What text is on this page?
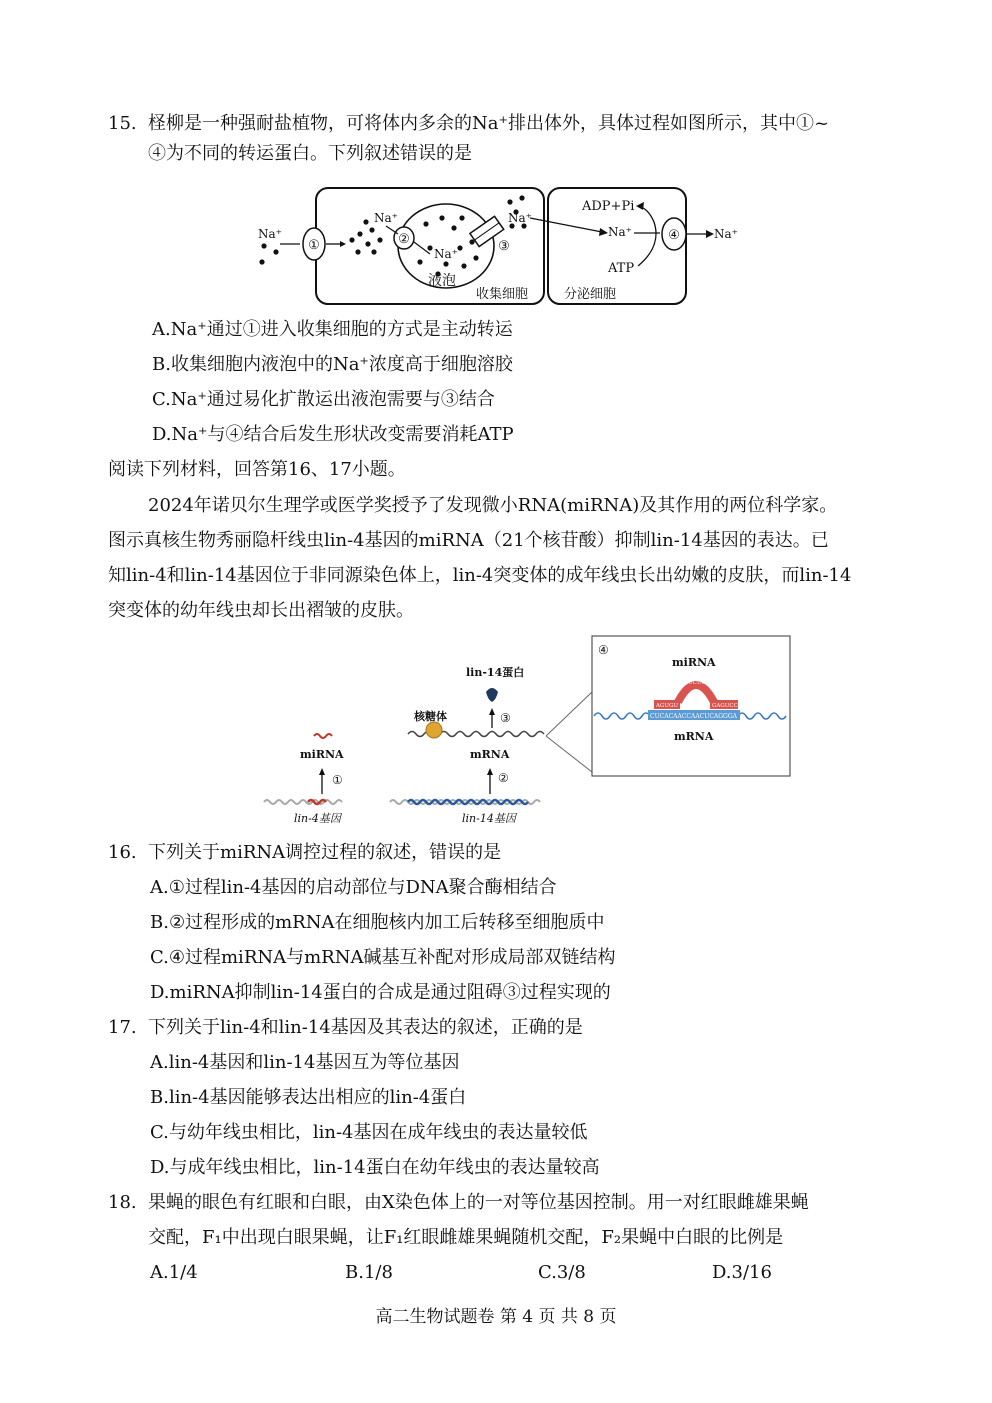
15. 柽柳是一种强耐盐植物，可将体内多余的Na⁺排出体外，具体过程如图所示，其中①~
④为不同的转运蛋白。下列叙述错误的是
①	②	③
④
Na⁺
Na⁺
Na⁺
液泡
Na⁺
Na⁺
ADP+Pi
ATP
Na⁺
收集细胞	分泌细胞
A.Na⁺通过①进入收集细胞的方式是主动转运
B.收集细胞内液泡中的Na⁺浓度高于细胞溶胶
C.Na⁺通过易化扩散运出液泡需要与③结合
D.Na⁺与④结合后发生形状改变需要消耗ATP
阅读下列材料，回答第16、17小题。
2024年诺贝尔生理学或医学奖授予了发现微小RNA(miRNA)及其作用的两位科学家。
图示真核生物秀丽隐杆线虫lin-4基因的miRNA（21个核苷酸）抑制lin-14基因的表达。已
知lin-4和lin-14基因位于非同源染色体上，lin-4突变体的成年线虫长出幼嫩的皮肤，而lin-14
突变体的幼年线虫却长出褶皱的皮肤。
lin-4基因
①
miRNA
lin-14基因
②
mRNA
核糖体	③
lin-14蛋白
④
miRNA
CUCACAACCAACUCAGGGA
AGUGU	GAGUCCC
AUCUCA
mRNA
16. 下列关于miRNA调控过程的叙述，错误的是
A.①过程lin-4基因的启动部位与DNA聚合酶相结合
B.②过程形成的mRNA在细胞核内加工后转移至细胞质中
C.④过程miRNA与mRNA碱基互补配对形成局部双链结构
D.miRNA抑制lin-14蛋白的合成是通过阻碍③过程实现的
17. 下列关于lin-4和lin-14基因及其表达的叙述，正确的是
A.lin-4基因和lin-14基因互为等位基因
B.lin-4基因能够表达出相应的lin-4蛋白
C.与幼年线虫相比，lin-4基因在成年线虫的表达量较低
D.与成年线虫相比，lin-14蛋白在幼年线虫的表达量较高
18. 果蝇的眼色有红眼和白眼，由X染色体上的一对等位基因控制。用一对红眼雌雄果蝇
交配，F₁中出现白眼果蝇，让F₁红眼雌雄果蝇随机交配，F₂果蝇中白眼的比例是
A.1/4	B.1/8	C.3/8	D.3/16
高二生物试题卷 第 4 页 共 8 页
